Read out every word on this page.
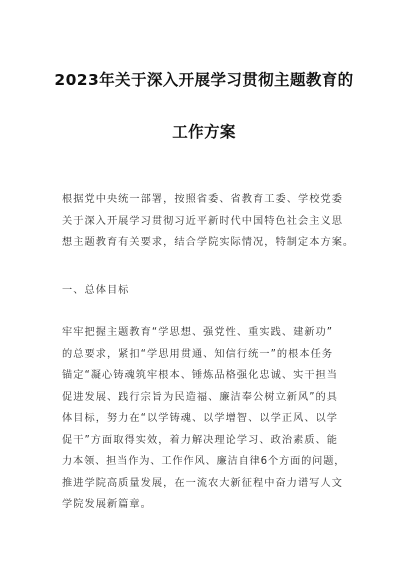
2023年关于深入开展学习贯彻主题教育的
工作方案
根据党中央统一部署，按照省委、省教育工委、学校党委
关于深入开展学习贯彻习近平新时代中国特色社会主义思
想主题教育有关要求，结合学院实际情况，特制定本方案。
一、总体目标
牢牢把握主题教育“学思想、强党性、重实践、建新功”
的总要求，紧扣“学思用贯通、知信行统一”的根本任务
锚定“凝心铸魂筑牢根本、锤炼品格强化忠诚、实干担当
促进发展、践行宗旨为民造福、廉洁奉公树立新风”的具
体目标，努力在“以学铸魂、以学增智、以学正风、以学
促干”方面取得实效，着力解决理论学习、政治素质、能
力本领、担当作为、工作作风、廉洁自律6个方面的问题，
推进学院高质量发展，在一流农大新征程中奋力谱写人文
学院发展新篇章。
